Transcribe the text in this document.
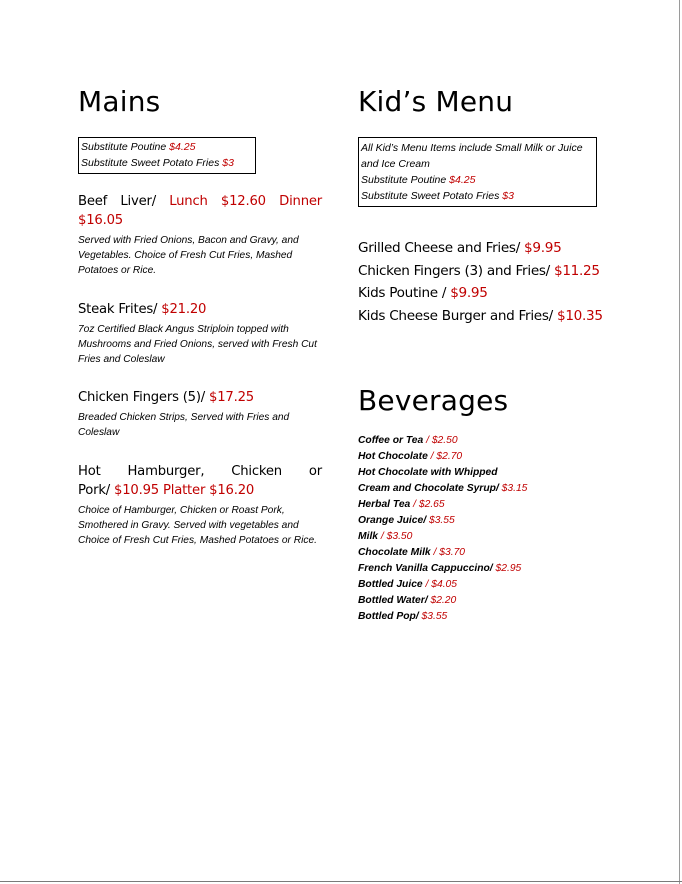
Mains
Substitute Poutine $4.25
Substitute Sweet Potato Fries $3
Beef Liver/ Lunch $12.60 Dinner
$16.05
Served with Fried Onions, Bacon and Gravy, and Vegetables. Choice of Fresh Cut Fries, Mashed Potatoes or Rice.
Steak Frites/ $21.20
7oz Certified Black Angus Striploin topped with Mushrooms and Fried Onions, served with Fresh Cut Fries and Coleslaw
Chicken Fingers (5)/ $17.25
Breaded Chicken Strips, Served with Fries and Coleslaw
Hot Hamburger, Chicken or
Pork/ $10.95 Platter $16.20
Choice of Hamburger, Chicken or Roast Pork, Smothered in Gravy. Served with vegetables and Choice of Fresh Cut Fries, Mashed Potatoes or Rice.
Kid’s Menu
All Kid’s Menu Items include Small Milk or Juice
and Ice Cream
Substitute Poutine $4.25
Substitute Sweet Potato Fries $3
Grilled Cheese and Fries/ $9.95
Chicken Fingers (3) and Fries/ $11.25
Kids Poutine / $9.95
Kids Cheese Burger and Fries/ $10.35
Beverages
Coffee or Tea / $2.50
Hot Chocolate / $2.70
Hot Chocolate with Whipped
Cream and Chocolate Syrup/ $3.15
Herbal Tea / $2.65
Orange Juice/ $3.55
Milk / $3.50
Chocolate Milk / $3.70
French Vanilla Cappuccino/ $2.95
Bottled Juice / $4.05
Bottled Water/ $2.20
Bottled Pop/ $3.55
